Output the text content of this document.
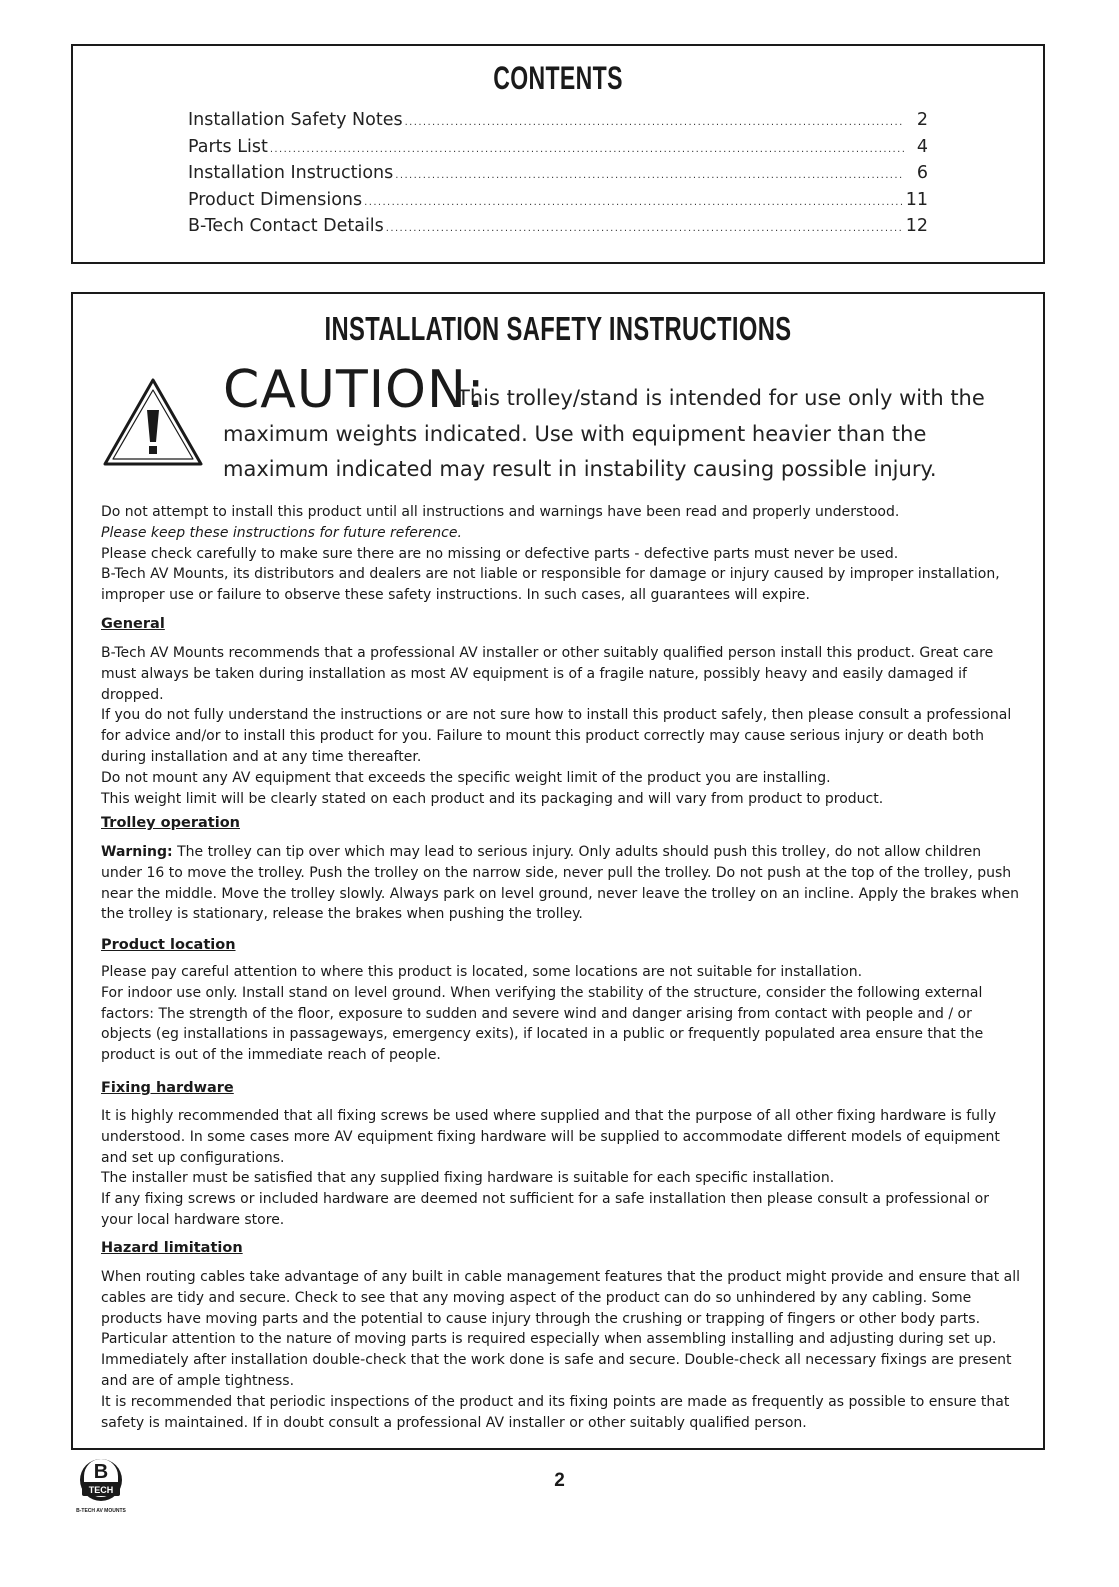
CONTENTS
Installation Safety Notes .....	2
Parts List .....	4
Installation Instructions .....	6
Product Dimensions .....	11
B-Tech Contact Details .....	12
INSTALLATION SAFETY INSTRUCTIONS
CAUTION:
This trolley/stand is intended for use only with the
maximum weights indicated. Use with equipment heavier than the
maximum indicated may result in instability causing possible injury.

Do not attempt to install this product until all instructions and warnings have been read and properly understood.

Please keep these instructions for future reference.

Please check carefully to make sure there are no missing or defective parts - defective parts must never be used.

B-Tech AV Mounts, its distributors and dealers are not liable or responsible for damage or injury caused by improper installation, improper use or failure to observe these safety instructions. In such cases, all guarantees will expire.

General

B-Tech AV Mounts recommends that a professional AV installer or other suitably qualified person install this product. Great care must always be taken during installation as most AV equipment is of a fragile nature, possibly heavy and easily damaged if dropped.

If you do not fully understand the instructions or are not sure how to install this product safely, then please consult a professional for advice and/or to install this product for you. Failure to mount this product correctly may cause serious injury or death both during installation and at any time thereafter.

Do not mount any AV equipment that exceeds the specific weight limit of the product you are installing.

This weight limit will be clearly stated on each product and its packaging and will vary from product to product.

Trolley operation

Warning: The trolley can tip over which may lead to serious injury. Only adults should push this trolley, do not allow children under 16 to move the trolley. Push the trolley on the narrow side, never pull the trolley. Do not push at the top of the trolley, push near the middle. Move the trolley slowly. Always park on level ground, never leave the trolley on an incline. Apply the brakes when the trolley is stationary, release the brakes when pushing the trolley.

Product location

Please pay careful attention to where this product is located, some locations are not suitable for installation.

For indoor use only. Install stand on level ground. When verifying the stability of the structure, consider the following external factors: The strength of the floor, exposure to sudden and severe wind and danger arising from contact with people and / or objects (eg installations in passageways, emergency exits), if located in a public or frequently populated area ensure that the product is out of the immediate reach of people.

Fixing hardware

It is highly recommended that all fixing screws be used where supplied and that the purpose of all other fixing hardware is fully understood. In some cases more AV equipment fixing hardware will be supplied to accommodate different models of equipment and set up configurations.

The installer must be satisfied that any supplied fixing hardware is suitable for each specific installation.

If any fixing screws or included hardware are deemed not sufficient for a safe installation then please consult a professional or your local hardware store.

Hazard limitation

When routing cables take advantage of any built in cable management features that the product might provide and ensure that all cables are tidy and secure. Check to see that any moving aspect of the product can do so unhindered by any cabling. Some products have moving parts and the potential to cause injury through the crushing or trapping of fingers or other body parts. Particular attention to the nature of moving parts is required especially when assembling installing and adjusting during set up. Immediately after installation double-check that the work done is safe and secure. Double-check all necessary fixings are present and are of ample tightness.

It is recommended that periodic inspections of the product and its fixing points are made as frequently as possible to ensure that safety is maintained. If in doubt consult a professional AV installer or other suitably qualified person.

B
TECH
B-TECH AV MOUNTS
2
